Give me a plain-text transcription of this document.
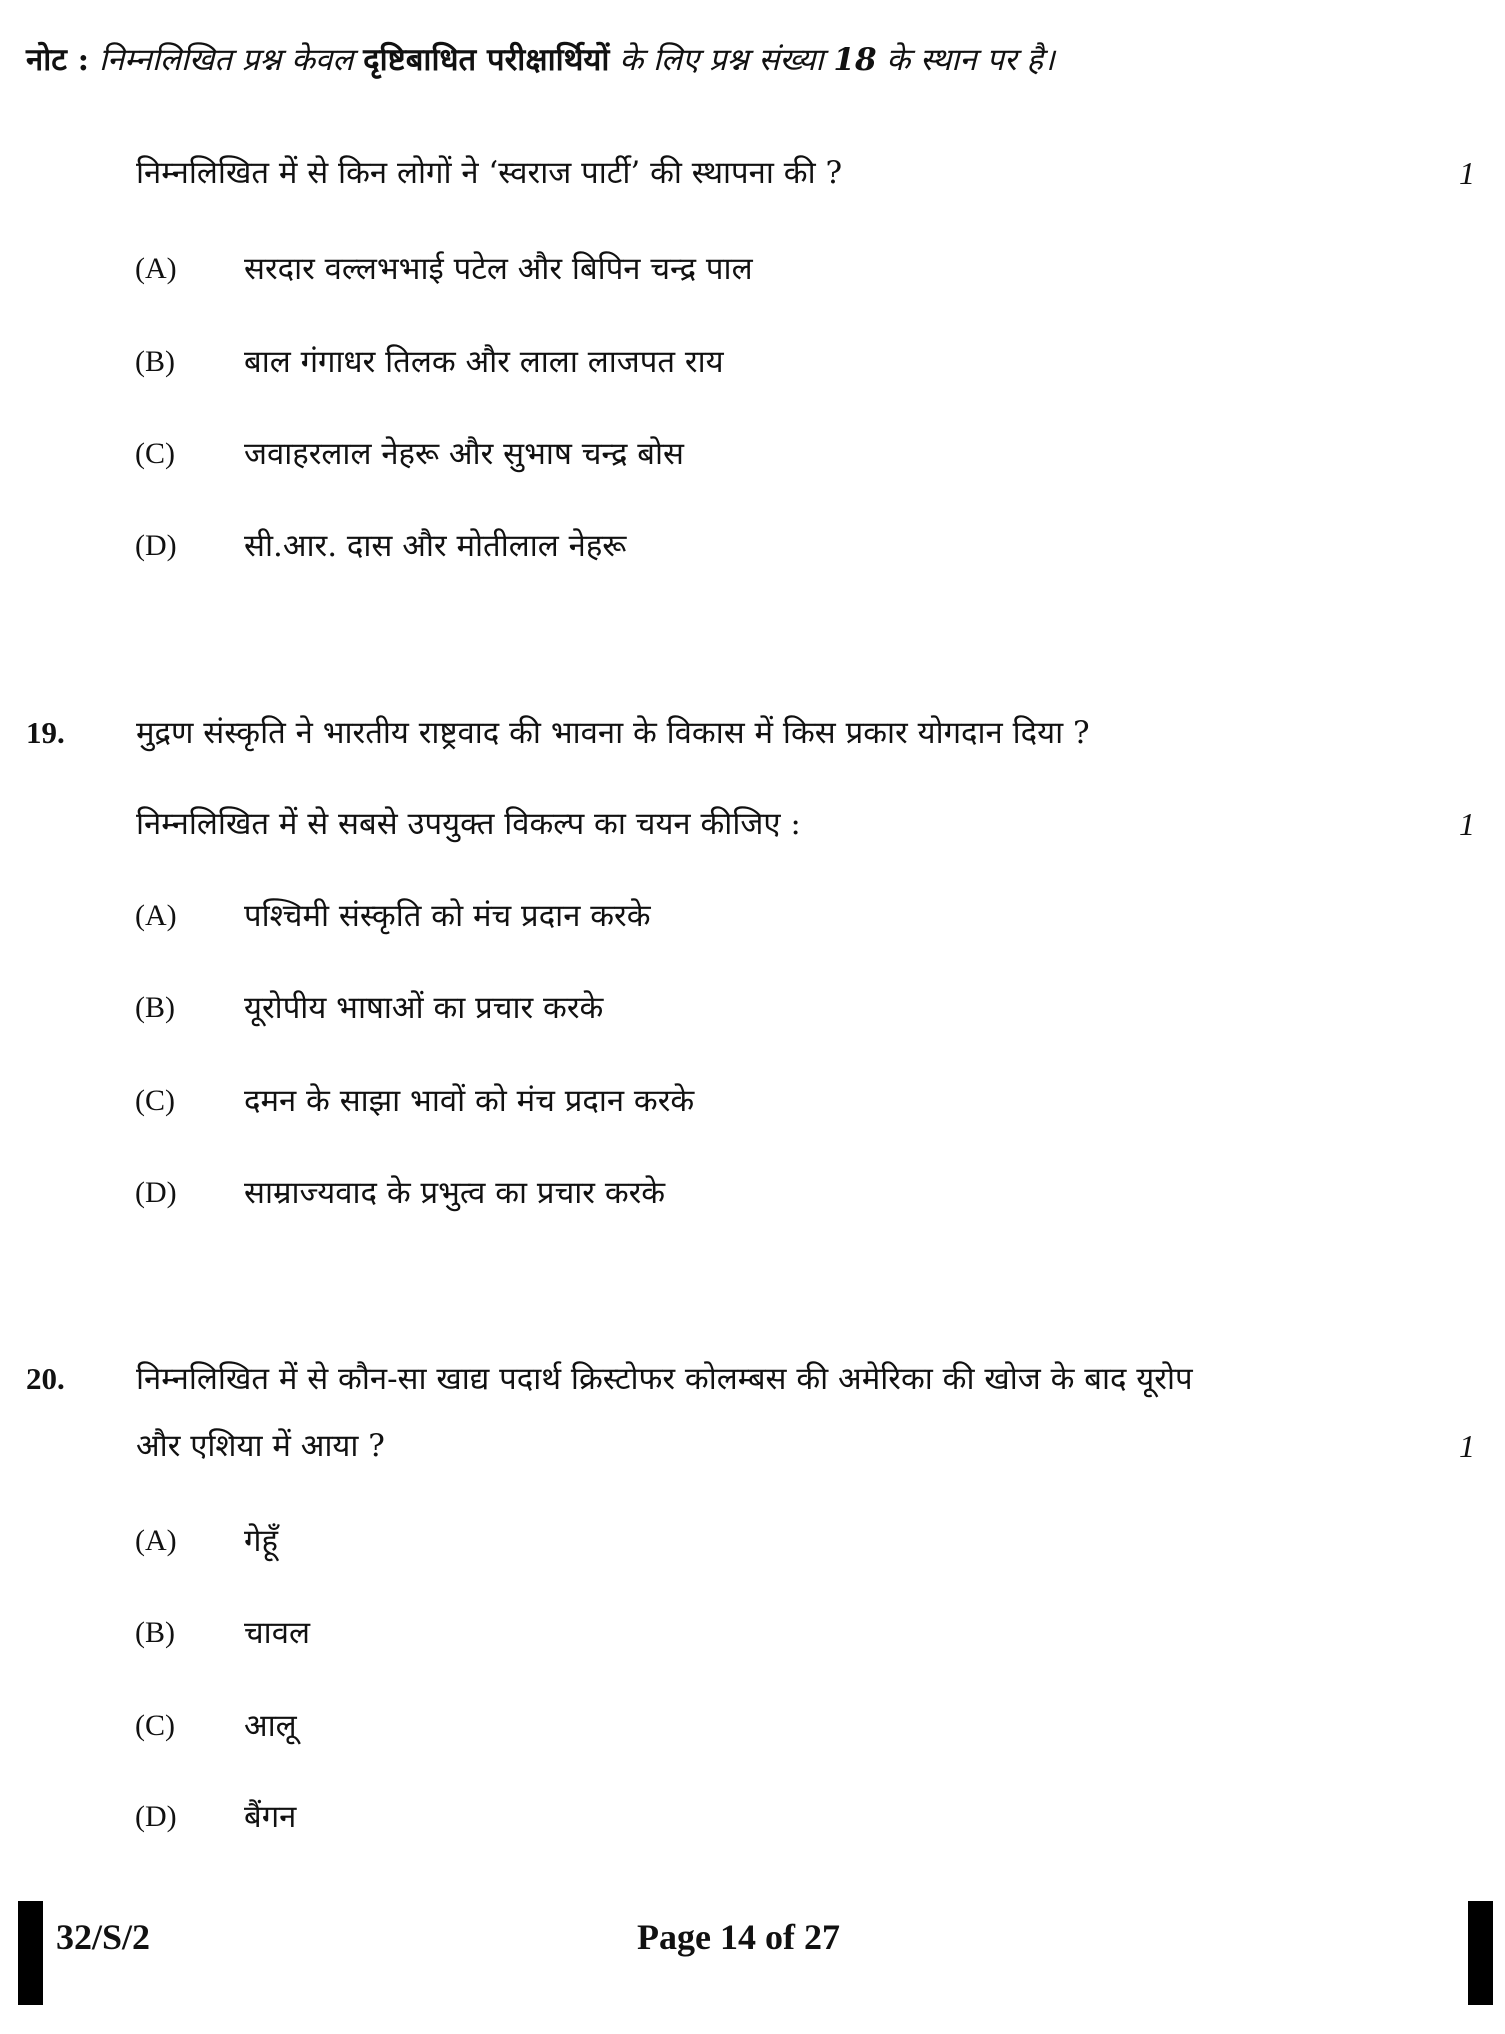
नोट : निम्नलिखित प्रश्न केवल दृष्टिबाधित परीक्षार्थियों के लिए प्रश्न संख्या 18 के स्थान पर है।
निम्नलिखित में से किन लोगों ने ‘स्वराज पार्टी’ की स्थापना की ?	1
(A) सरदार वल्लभभाई पटेल और बिपिन चन्द्र पाल
(B) बाल गंगाधर तिलक और लाला लाजपत राय
(C) जवाहरलाल नेहरू और सुभाष चन्द्र बोस
(D) सी.आर. दास और मोतीलाल नेहरू
19. मुद्रण संस्कृति ने भारतीय राष्ट्रवाद की भावना के विकास में किस प्रकार योगदान दिया ?
निम्नलिखित में से सबसे उपयुक्त विकल्प का चयन कीजिए :	1
(A) पश्चिमी संस्कृति को मंच प्रदान करके
(B) यूरोपीय भाषाओं का प्रचार करके
(C) दमन के साझा भावों को मंच प्रदान करके
(D) साम्राज्यवाद के प्रभुत्व का प्रचार करके
20. निम्नलिखित में से कौन-सा खाद्य पदार्थ क्रिस्टोफर कोलम्बस की अमेरिका की खोज के बाद यूरोप
और एशिया में आया ?	1
(A) गेहूँ
(B) चावल
(C) आलू
(D) बैंगन
32/S/2	Page 14 of 27
